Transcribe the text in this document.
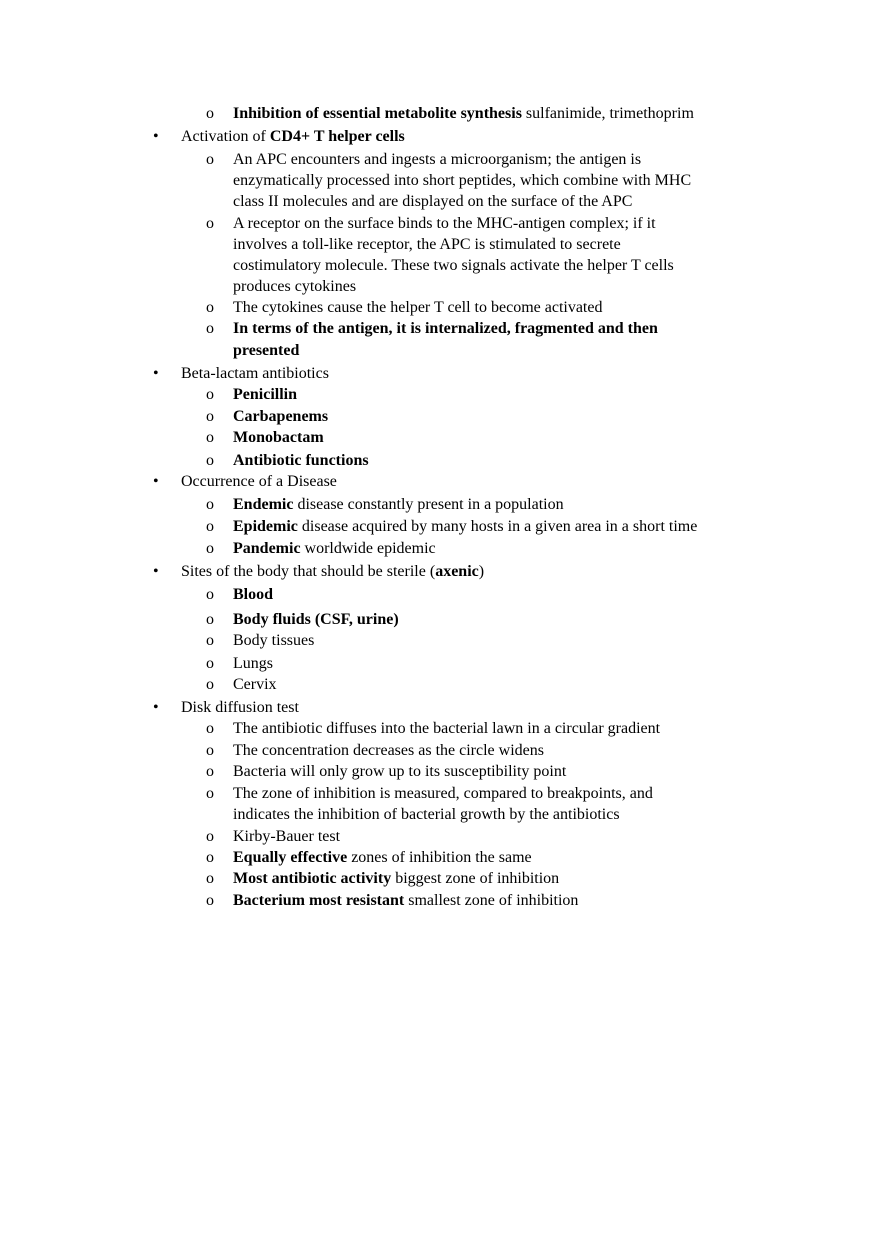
o Inhibition of essential metabolite synthesis sulfanimide, trimethoprim
• Activation of CD4+ T helper cells
o An APC encounters and ingests a microorganism; the antigen is
enzymatically processed into short peptides, which combine with MHC
class II molecules and are displayed on the surface of the APC
o A receptor on the surface binds to the MHC-antigen complex; if it
involves a toll-like receptor, the APC is stimulated to secrete
costimulatory molecule. These two signals activate the helper T cells
produces cytokines
o The cytokines cause the helper T cell to become activated
o In terms of the antigen, it is internalized, fragmented and then
presented
• Beta-lactam antibiotics
o Penicillin
o Carbapenems
o Monobactam
o Antibiotic functions
• Occurrence of a Disease
o Endemic disease constantly present in a population
o Epidemic disease acquired by many hosts in a given area in a short time
o Pandemic worldwide epidemic
• Sites of the body that should be sterile (axenic)
o Blood
o Body fluids (CSF, urine)
o Body tissues
o Lungs
o Cervix
• Disk diffusion test
o The antibiotic diffuses into the bacterial lawn in a circular gradient
o The concentration decreases as the circle widens
o Bacteria will only grow up to its susceptibility point
o The zone of inhibition is measured, compared to breakpoints, and
indicates the inhibition of bacterial growth by the antibiotics
o Kirby-Bauer test
o Equally effective zones of inhibition the same
o Most antibiotic activity biggest zone of inhibition
o Bacterium most resistant smallest zone of inhibition
